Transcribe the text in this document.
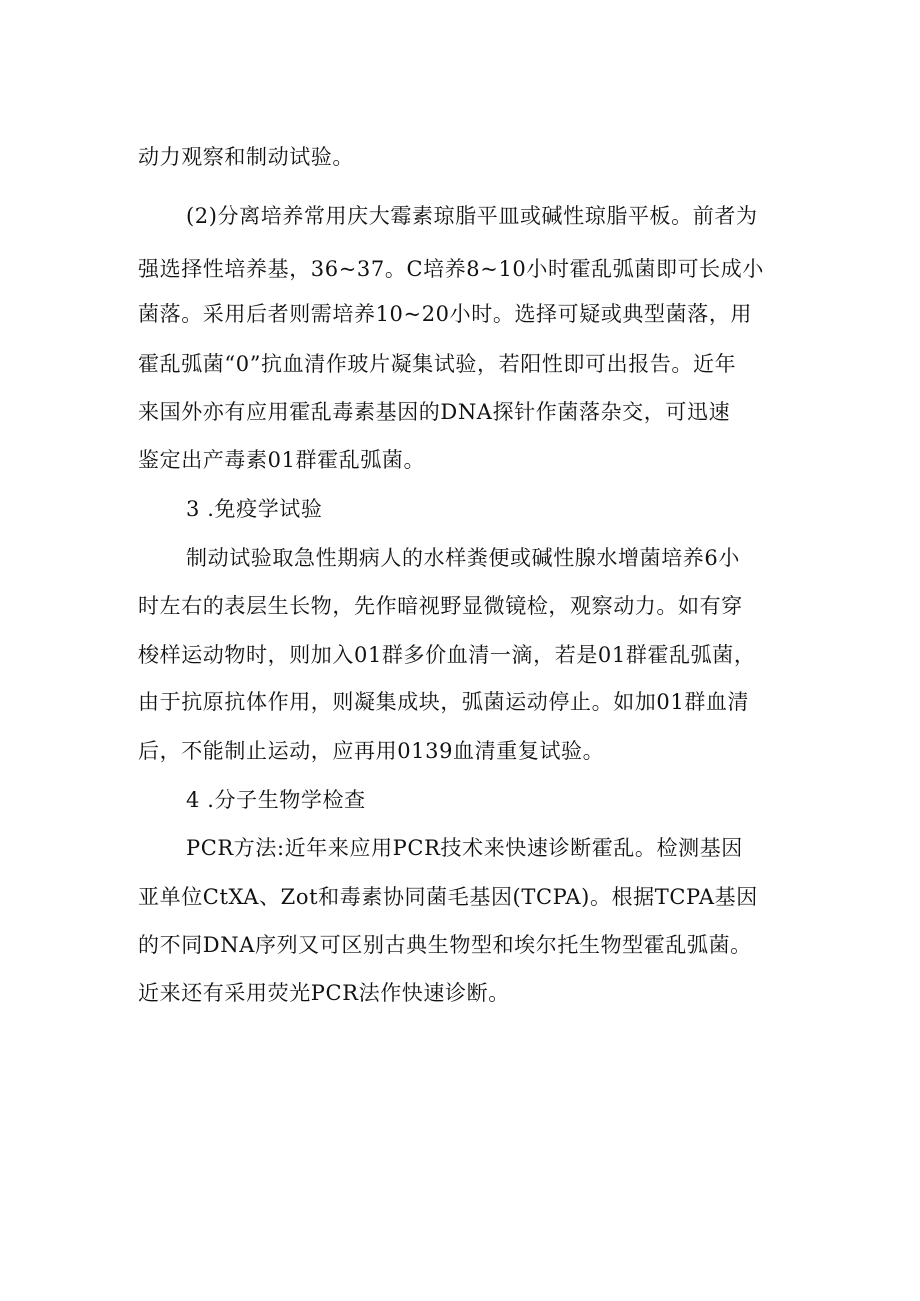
动力观察和制动试验。
(2)分离培养常用庆大霉素琼脂平皿或碱性琼脂平板。前者为
强选择性培养基，36~37。C培养8~10小时霍乱弧菌即可长成小
菌落。采用后者则需培养10~20小时。选择可疑或典型菌落，用
霍乱弧菌“0”抗血清作玻片凝集试验，若阳性即可出报告。近年
来国外亦有应用霍乱毒素基因的DNA探针作菌落杂交，可迅速
鉴定出产毒素01群霍乱弧菌。
3 .免疫学试验
制动试验取急性期病人的水样粪便或碱性腺水增菌培养6小
时左右的表层生长物，先作暗视野显微镜检，观察动力。如有穿
梭样运动物时，则加入01群多价血清一滴，若是01群霍乱弧菌，
由于抗原抗体作用，则凝集成块，弧菌运动停止。如加01群血清
后，不能制止运动，应再用0139血清重复试验。
4 .分子生物学检查
PCR方法:近年来应用PCR技术来快速诊断霍乱。检测基因
亚单位CtXA、Zot和毒素协同菌毛基因(TCPA)。根据TCPA基因
的不同DNA序列又可区别古典生物型和埃尔托生物型霍乱弧菌。
近来还有采用荧光PCR法作快速诊断。
